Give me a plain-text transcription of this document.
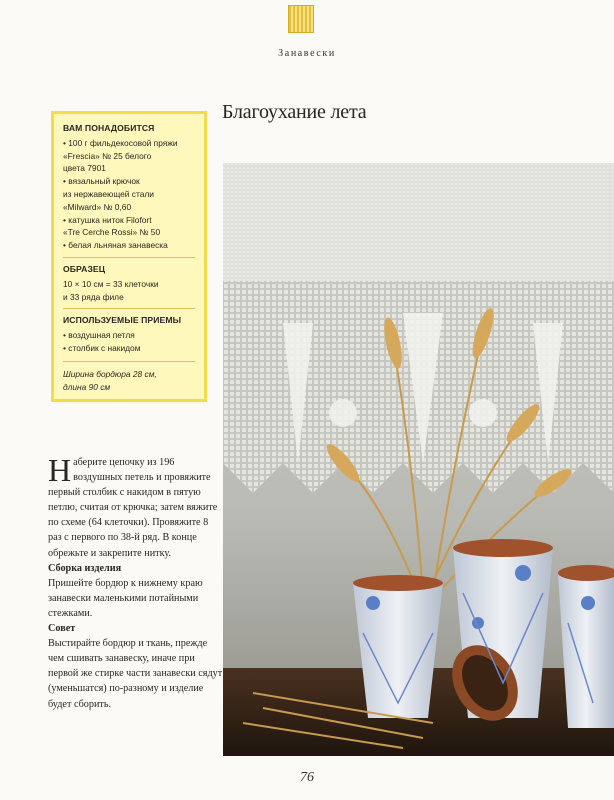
Занавески
ВАМ ПОНАДОБИТСЯ
• 100 г фильдекосовой пряжи
«Frescia» № 25 белого
цвета 7901
• вязальный крючок
из нержавеющей стали
«Milward» № 0,60
• катушка ниток Filofort
«Tre Cerche Rossi» № 50
• белая льняная занавеска
ОБРАЗЕЦ
10 × 10 см = 33 клеточки
и 33 ряда филе
ИСПОЛЬЗУЕМЫЕ ПРИЕМЫ
• воздушная петля
• столбик с накидом
Ширина бордюра 28 см,
длина 90 см
Благоухание лета

Наберите цепочку из 196 воздушных петель и провяжите первый столбик с накидом в пятую петлю, считая от крючка; затем вяжите по схеме (64 клеточки). Провяжите 8 раз с первого по 38-й ряд. В конце обрежьте и закрепите нитку.

Сборка изделия

Пришейте бордюр к нижнему краю занавески маленькими потайными стежками.

Совет

Выстирайте бордюр и ткань, прежде чем сшивать занавеску, иначе при первой же стирке части занавески сядут (уменьшатся) по-разному и изделие будет сборить.

76
